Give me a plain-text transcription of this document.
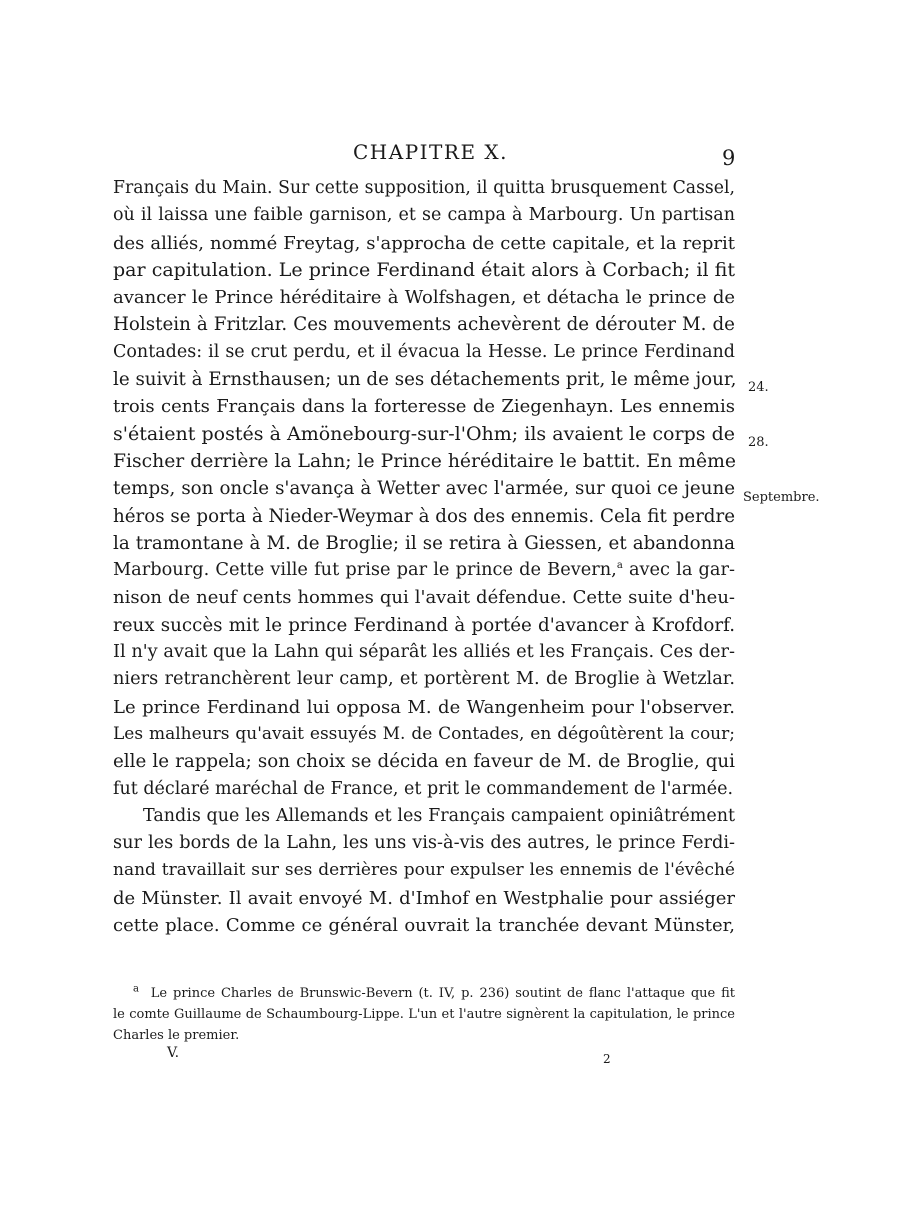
CHAPITRE X.	9
Français du Main. Sur cette supposition, il quitta brusquement Cassel,
où il laissa une faible garnison, et se campa à Marbourg. Un partisan
des alliés, nommé Freytag, s'approcha de cette capitale, et la reprit
par capitulation. Le prince Ferdinand était alors à Corbach; il fit
avancer le Prince héréditaire à Wolfshagen, et détacha le prince de
Holstein à Fritzlar. Ces mouvements achevèrent de dérouter M. de
Contades: il se crut perdu, et il évacua la Hesse. Le prince Ferdinand
le suivit à Ernsthausen; un de ses détachements prit, le même jour,
trois cents Français dans la forteresse de Ziegenhayn. Les ennemis
s'étaient postés à Amönebourg-sur-l'Ohm; ils avaient le corps de
Fischer derrière la Lahn; le Prince héréditaire le battit. En même
temps, son oncle s'avança à Wetter avec l'armée, sur quoi ce jeune
héros se porta à Nieder-Weymar à dos des ennemis. Cela fit perdre
la tramontane à M. de Broglie; il se retira à Giessen, et abandonna
Marbourg. Cette ville fut prise par le prince de Bevern,$^a$ avec la gar-
nison de neuf cents hommes qui l'avait défendue. Cette suite d'heu-
reux succès mit le prince Ferdinand à portée d'avancer à Krofdorf.
Il n'y avait que la Lahn qui séparât les alliés et les Français. Ces der-
niers retranchèrent leur camp, et portèrent M. de Broglie à Wetzlar.
Le prince Ferdinand lui opposa M. de Wangenheim pour l'observer.
Les malheurs qu'avait essuyés M. de Contades, en dégoûtèrent la cour;
elle le rappela; son choix se décida en faveur de M. de Broglie, qui
fut déclaré maréchal de France, et prit le commandement de l'armée.
Tandis que les Allemands et les Français campaient opiniâtrément
sur les bords de la Lahn, les uns vis-à-vis des autres, le prince Ferdi-
nand travaillait sur ses derrières pour expulser les ennemis de l'évêché
de Münster. Il avait envoyé M. d'Imhof en Westphalie pour assiéger
cette place. Comme ce général ouvrait la tranchée devant Münster,
24.
28.
Septembre.
$^a$ Le prince Charles de Brunswic-Bevern (t. IV, p. 236) soutint de flanc l'attaque que fit
le comte Guillaume de Schaumbourg-Lippe. L'un et l'autre signèrent la capitulation, le prince
Charles le premier.
V.	2
